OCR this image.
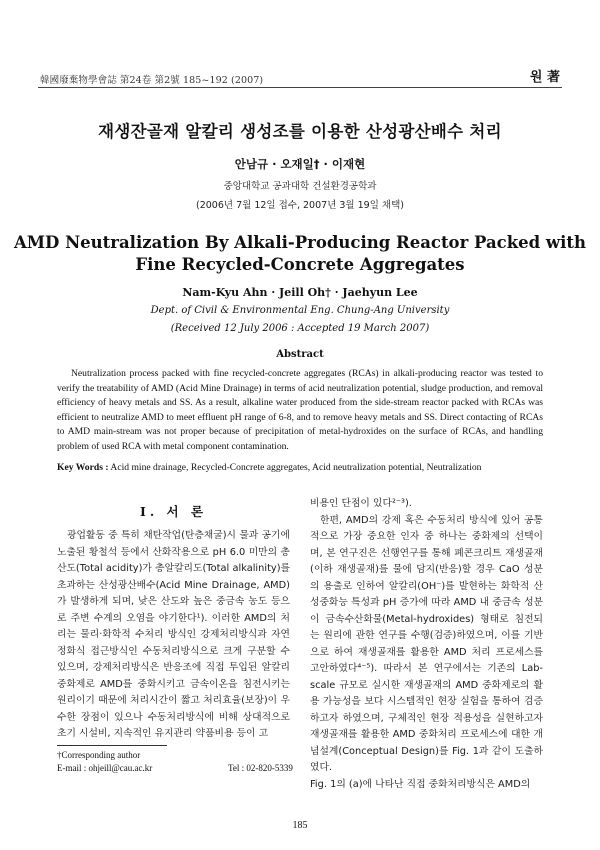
韓國廢棄物學會誌 第24卷 第2號 185~192 (2007)	원 著
재생잔골재 알칼리 생성조를 이용한 산성광산배수 처리
안남규 · 오재일† · 이재현
중앙대학교 공과대학 건설환경공학과
(2006년 7월 12일 접수, 2007년 3월 19일 채택)
AMD Neutralization By Alkali-Producing Reactor Packed with
Fine Recycled-Concrete Aggregates
Nam-Kyu Ahn · Jeill Oh† · Jaehyun Lee
Dept. of Civil & Environmental Eng. Chung-Ang University
(Received 12 July 2006 : Accepted 19 March 2007)
Abstract
Neutralization process packed with fine recycled-concrete aggregates (RCAs) in alkali-producing reactor was tested to verify the treatability of AMD (Acid Mine Drainage) in terms of acid neutralization potential, sludge production, and removal efficiency of heavy metals and SS. As a result, alkaline water produced from the side-stream reactor packed with RCAs was efficient to neutralize AMD to meet effluent pH range of 6-8, and to remove heavy metals and SS. Direct contacting of RCAs to AMD main-stream was not proper because of precipitation of metal-hydroxides on the surface of RCAs, and handling problem of used RCA with metal component contamination.
Key Words : Acid mine drainage, Recycled-Concrete aggregates, Acid neutralization potential, Neutralization
I. 서 론

광업활동 중 특히 채탄작업(탄층채굴)시 물과 공기에 노출된 황철석 등에서 산화작용으로 pH 6.0 미만의 총산도(Total acidity)가 총알칼리도(Total alkalinity)를 초과하는 산성광산배수(Acid Mine Drainage, AMD)가 발생하게 되며, 낮은 산도와 높은 중금속 농도 등으로 주변 수계의 오염을 야기한다¹). 이러한 AMD의 처리는 물리·화학적 수처리 방식인 강제처리방식과 자연정화식 접근방식인 수동처리방식으로 크게 구분할 수 있으며, 강제처리방식은 반응조에 직접 투입된 알칼리 중화제로 AMD를 중화시키고 금속이온을 침전시키는 원리이기 때문에 처리시간이 짧고 처리효율(보장)이 우수한 장점이 있으나 수동처리방식에 비해 상대적으로 초기 시설비, 지속적인 유지관리 약품비용 등이 고

비용인 단점이 있다²⁻³).

한편, AMD의 강제 혹은 수동처리 방식에 있어 공통적으로 가장 중요한 인자 중 하나는 중화제의 선택이며, 본 연구진은 선행연구를 통해 폐콘크리트 재생골재(이하 재생골재)를 물에 담지(반응)할 경우 CaO 성분의 용출로 인하여 알칼리(OH⁻)를 발현하는 화학적 산성중화능 특성과 pH 증가에 따라 AMD 내 중금속 성분이 금속수산화물(Metal-hydroxides) 형태로 침전되는 원리에 관한 연구를 수행(검증)하였으며, 이를 기반으로 하여 재생골재를 활용한 AMD 처리 프로세스를 고안하였다⁴⁻⁵). 따라서 본 연구에서는 기존의 Lab-scale 규모로 실시한 재생골재의 AMD 중화제로의 활용 가능성을 보다 시스템적인 현장 실험을 통하여 검증하고자 하였으며, 구체적인 현장 적용성을 실현하고자 재생골재를 활용한 AMD 중화처리 프로세스에 대한 개념설계(Conceptual Design)를 Fig. 1과 같이 도출하였다.

Fig. 1의 (a)에 나타난 직접 중화처리방식은 AMD의

†Corresponding author
E-mail : ohjeill@cau.ac.kr	Tel : 02-820-5339
185
